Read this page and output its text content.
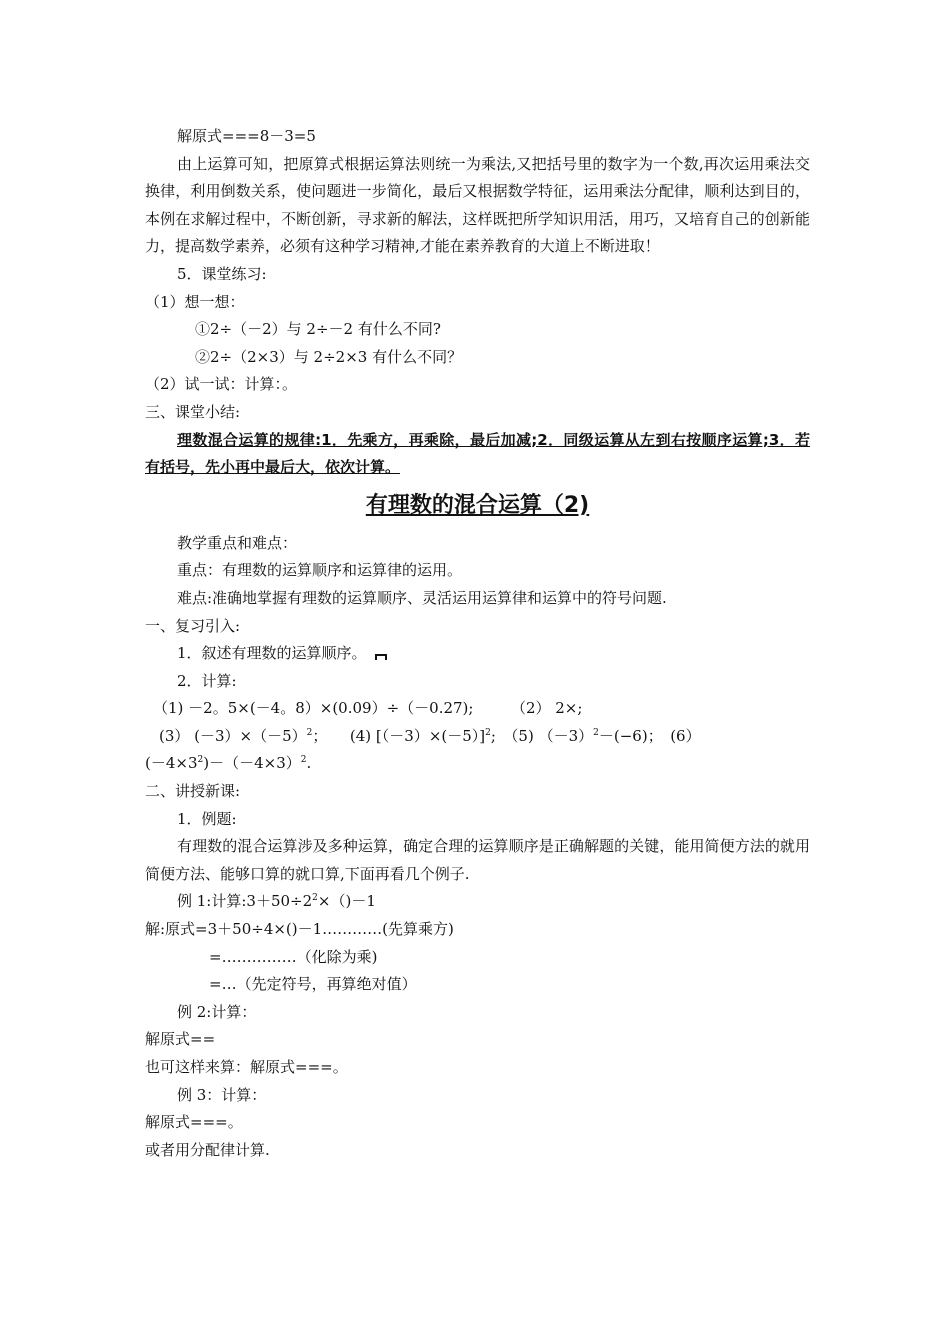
解原式===8－3=5

由上运算可知，把原算式根据运算法则统一为乘法,又把括号里的数字为一个数,再次运用乘法交换律，利用倒数关系，使问题进一步简化，最后又根据数学特征，运用乘法分配律，顺利达到目的，本例在求解过程中，不断创新，寻求新的解法，这样既把所学知识用活，用巧，又培育自己的创新能力，提高数学素养，必须有这种学习精神,才能在素养教育的大道上不断进取！

5．课堂练习:

（1）想一想：

①2÷（－2）与 2÷－2 有什么不同?

②2÷（2×3）与 2÷2×3 有什么不同？

（2）试一试：计算：。

三、课堂小结:

理数混合运算的规律:1．先乘方，再乘除，最后加减;2．同级运算从左到右按顺序运算;3．若有括号，先小再中最后大，依次计算。

有理数的混合运算（2)

教学重点和难点：

重点：有理数的运算顺序和运算律的运用。

难点:准确地掌握有理数的运算顺序、灵活运用运算律和运算中的符号问题.

一、复习引入:

1．叙述有理数的运算顺序。

2．计算:

（1) －2。5×(－4。8）×(0.09）÷（－0.27);　　　（2） 2×;

(3） $(-3)\times(-5)^2$；　　(4) $[(-3)\times(-5)]^2$;　（5) $(-3)^2-(-6)$；　(6）

$(-4\times 3^2)-(-4\times 3)^2$.

二、讲授新课:

1．例题:

有理数的混合运算涉及多种运算，确定合理的运算顺序是正确解题的关键，能用简便方法的就用简便方法、能够口算的就口算,下面再看几个例子.

例 1:计算$:3+50\div 2^2\times()-1$

解:原式=3＋50÷4×()－1…………(先算乘方)

=……………（化除为乘)

=…（先定符号，再算绝对值）

例 2:计算：

解原式==

也可这样来算：解原式===。

例 3：计算：

解原式===。

或者用分配律计算.
